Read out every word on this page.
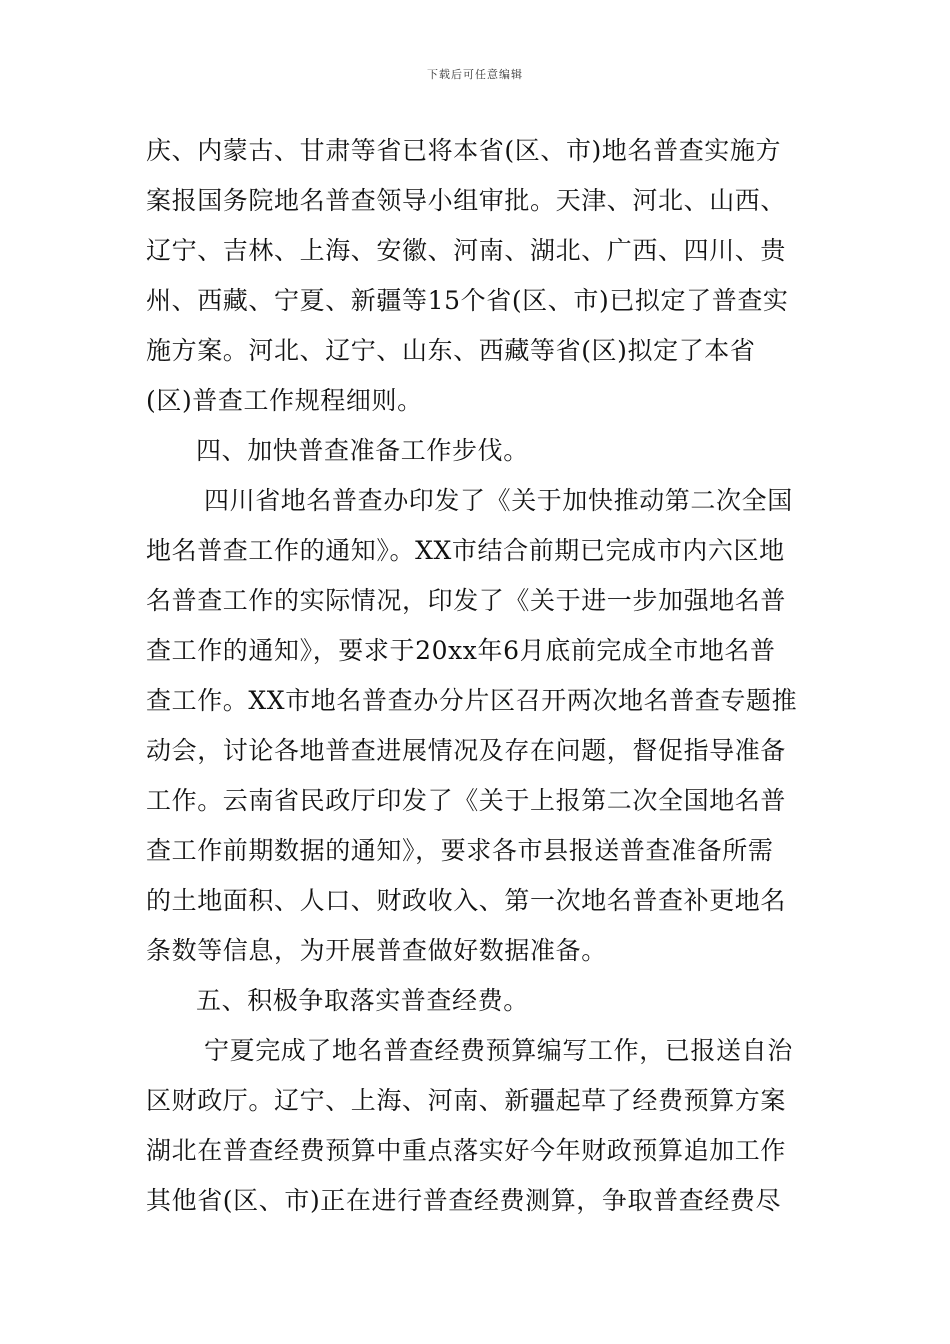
下载后可任意编辑
庆、内蒙古、甘肃等省已将本省(区、市)地名普查实施方
案报国务院地名普查领导小组审批。天津、河北、山西、
辽宁、吉林、上海、安徽、河南、湖北、广西、四川、贵
州、西藏、宁夏、新疆等15个省(区、市)已拟定了普查实
施方案。河北、辽宁、山东、西藏等省(区)拟定了本省
(区)普查工作规程细则。
四、加快普查准备工作步伐。
四川省地名普查办印发了《关于加快推动第二次全国
地名普查工作的通知》。XX市结合前期已完成市内六区地
名普查工作的实际情况，印发了《关于进一步加强地名普
查工作的通知》，要求于20xx年6月底前完成全市地名普
查工作。XX市地名普查办分片区召开两次地名普查专题推
动会，讨论各地普查进展情况及存在问题，督促指导准备
工作。云南省民政厅印发了《关于上报第二次全国地名普
查工作前期数据的通知》，要求各市县报送普查准备所需
的土地面积、人口、财政收入、第一次地名普查补更地名
条数等信息，为开展普查做好数据准备。
五、积极争取落实普查经费。
宁夏完成了地名普查经费预算编写工作，已报送自治
区财政厅。辽宁、上海、河南、新疆起草了经费预算方案
湖北在普查经费预算中重点落实好今年财政预算追加工作
其他省(区、市)正在进行普查经费测算，争取普查经费尽
